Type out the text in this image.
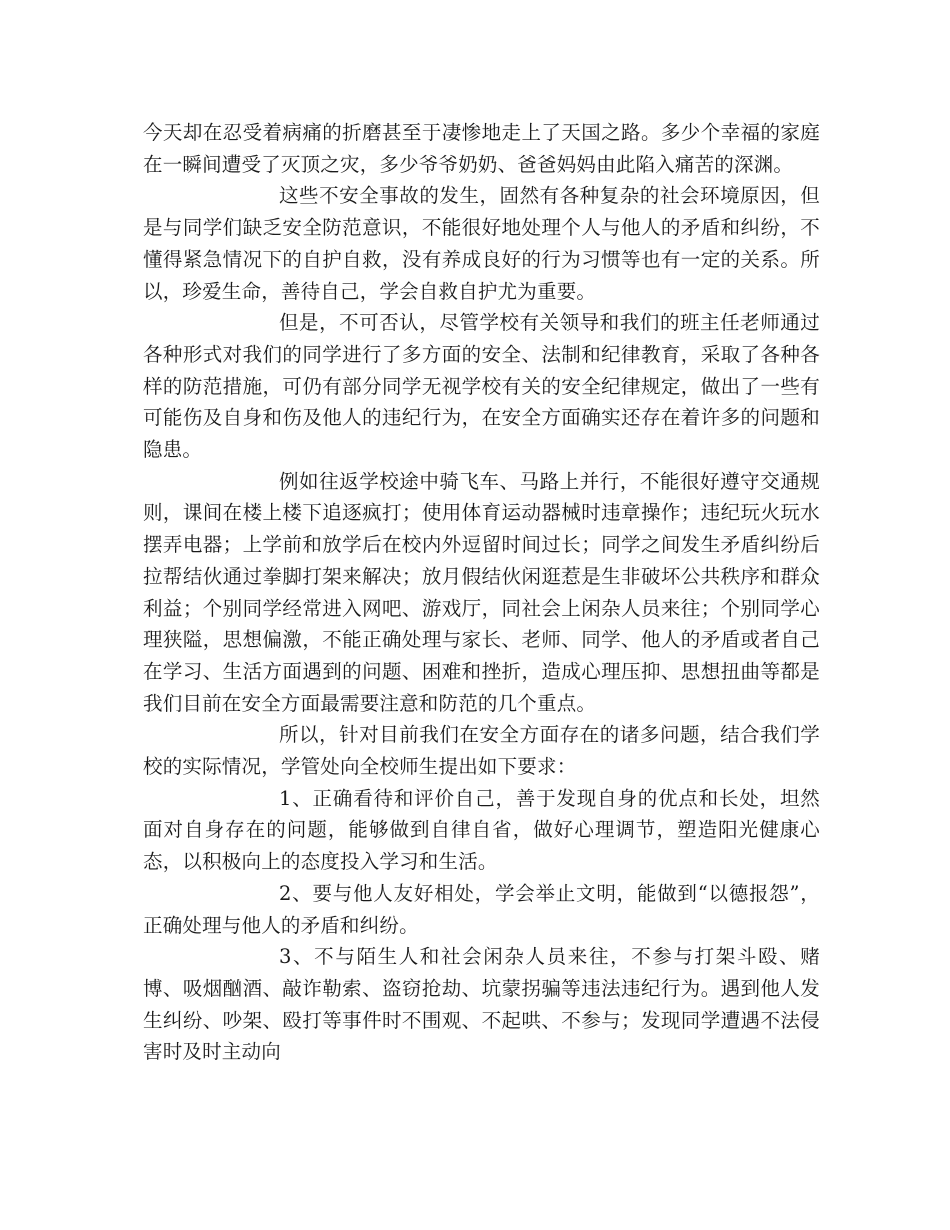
今天却在忍受着病痛的折磨甚至于凄惨地走上了天国之路。多少个幸福的家庭在一瞬间遭受了灭顶之灾，多少爷爷奶奶、爸爸妈妈由此陷入痛苦的深渊。

这些不安全事故的发生，固然有各种复杂的社会环境原因，但是与同学们缺乏安全防范意识，不能很好地处理个人与他人的矛盾和纠纷，不懂得紧急情况下的自护自救，没有养成良好的行为习惯等也有一定的关系。所以，珍爱生命，善待自己，学会自救自护尤为重要。

但是，不可否认，尽管学校有关领导和我们的班主任老师通过各种形式对我们的同学进行了多方面的安全、法制和纪律教育，采取了各种各样的防范措施，可仍有部分同学无视学校有关的安全纪律规定，做出了一些有可能伤及自身和伤及他人的违纪行为，在安全方面确实还存在着许多的问题和隐患。

例如往返学校途中骑飞车、马路上并行，不能很好遵守交通规则，课间在楼上楼下追逐疯打；使用体育运动器械时违章操作；违纪玩火玩水摆弄电器；上学前和放学后在校内外逗留时间过长；同学之间发生矛盾纠纷后拉帮结伙通过拳脚打架来解决；放月假结伙闲逛惹是生非破坏公共秩序和群众利益；个别同学经常进入网吧、游戏厅，同社会上闲杂人员来往；个别同学心理狭隘，思想偏激，不能正确处理与家长、老师、同学、他人的矛盾或者自己在学习、生活方面遇到的问题、困难和挫折，造成心理压抑、思想扭曲等都是我们目前在安全方面最需要注意和防范的几个重点。

所以，针对目前我们在安全方面存在的诸多问题，结合我们学校的实际情况，学管处向全校师生提出如下要求：

1、正确看待和评价自己，善于发现自身的优点和长处，坦然面对自身存在的问题，能够做到自律自省，做好心理调节，塑造阳光健康心态，以积极向上的态度投入学习和生活。

2、要与他人友好相处，学会举止文明，能做到“以德报怨”，正确处理与他人的矛盾和纠纷。

3、不与陌生人和社会闲杂人员来往，不参与打架斗殴、赌博、吸烟酗酒、敲诈勒索、盗窃抢劫、坑蒙拐骗等违法违纪行为。遇到他人发生纠纷、吵架、殴打等事件时不围观、不起哄、不参与；发现同学遭遇不法侵害时及时主动向
